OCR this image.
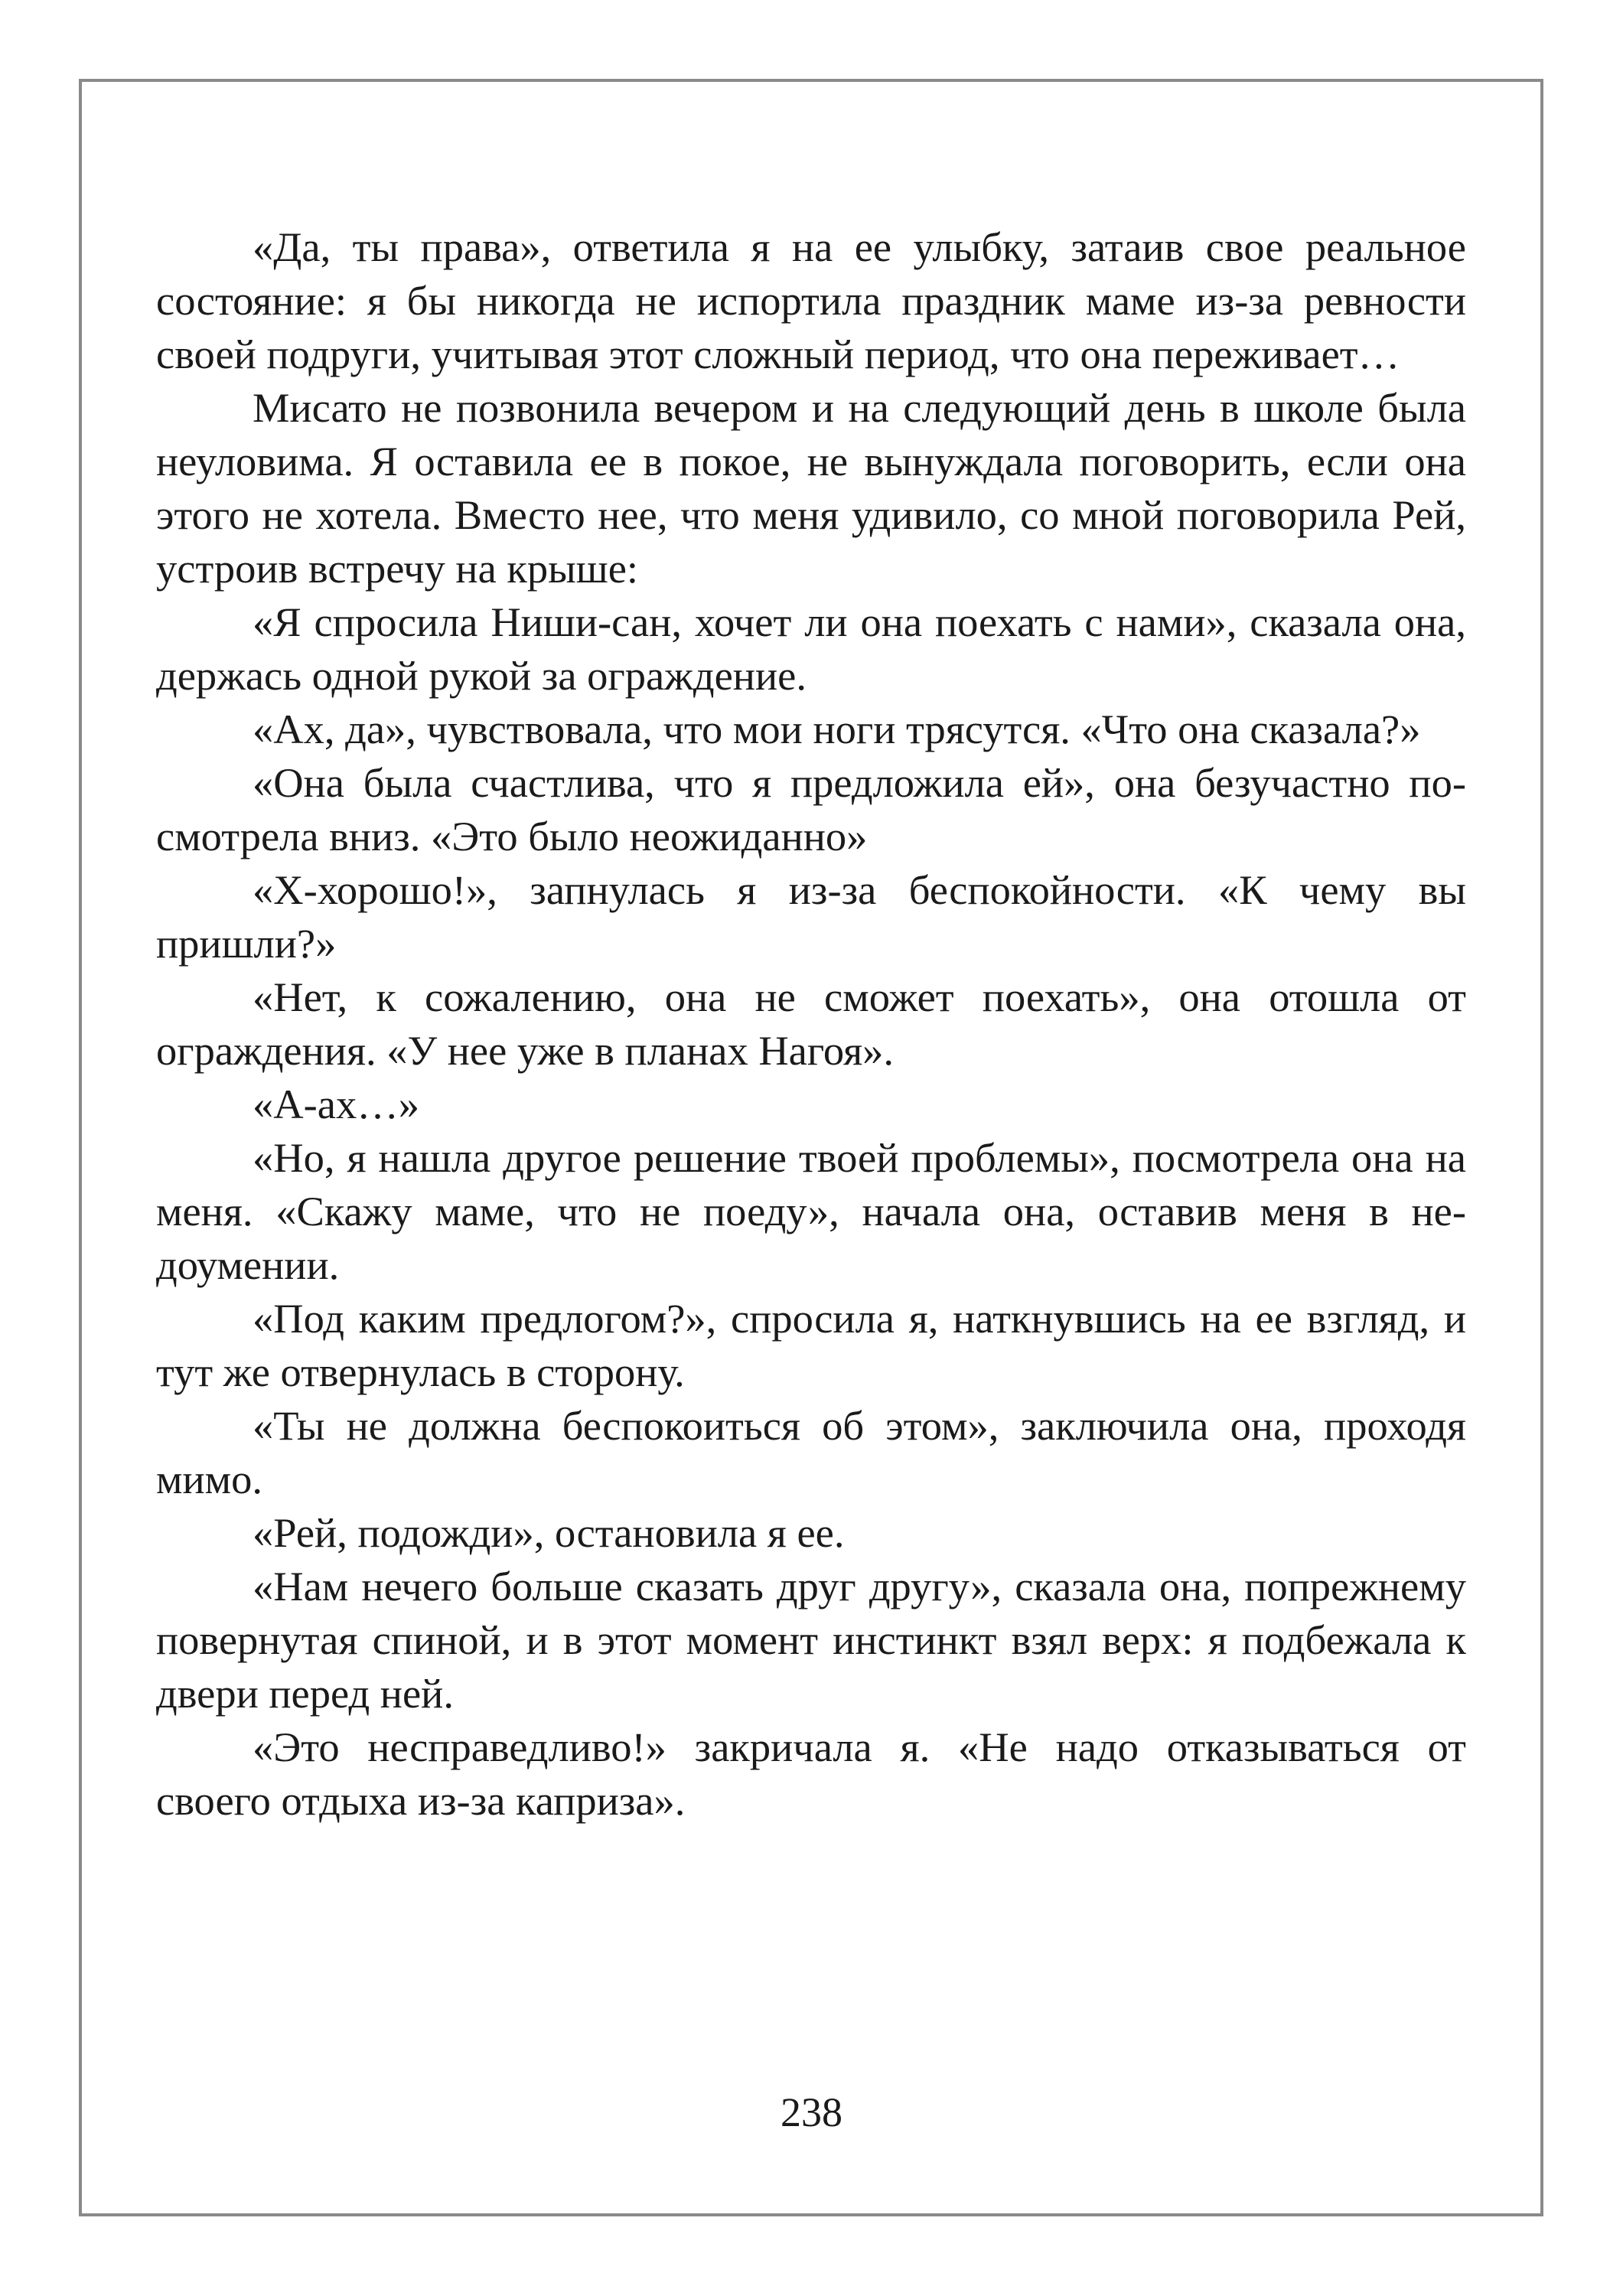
«Да, ты права», ответила я на ее улыбку, затаив свое реальное состояние: я бы никогда не испортила праздник маме из-за ревности своей подруги, учитывая этот сложный период, что она переживает…

Мисато не позвонила вечером и на следующий день в школе была неуловима. Я оставила ее в покое, не вынуждала поговорить, если она этого не хотела. Вместо нее, что меня удивило, со мной поговорила Рей, устроив встречу на крыше:

«Я спросила Ниши-сан, хочет ли она поехать с нами», сказала она, держась одной рукой за ограждение.

«Ах, да», чувствовала, что мои ноги трясутся. «Что она сказала?»

«Она была счастлива, что я предложила ей», она безучастно посмотрела вниз. «Это было неожиданно»

«Х-хорошо!», запнулась я из-за беспокойности. «К чему вы пришли?»

«Нет, к сожалению, она не сможет поехать», она отошла от ограждения. «У нее уже в планах Нагоя».

«А-ах…»

«Но, я нашла другое решение твоей проблемы», посмотрела она на меня. «Скажу маме, что не поеду», начала она, оставив меня в недоумении.

«Под каким предлогом?», спросила я, наткнувшись на ее взгляд, и тут же отвернулась в сторону.

«Ты не должна беспокоиться об этом», заключила она, проходя мимо.

«Рей, подожди», остановила я ее.

«Нам нечего больше сказать друг другу», сказала она, попрежнему повернутая спиной, и в этот момент инстинкт взял верх: я подбежала к двери перед ней.

«Это несправедливо!» закричала я. «Не надо отказываться от своего отдыха из-за каприза».

238
